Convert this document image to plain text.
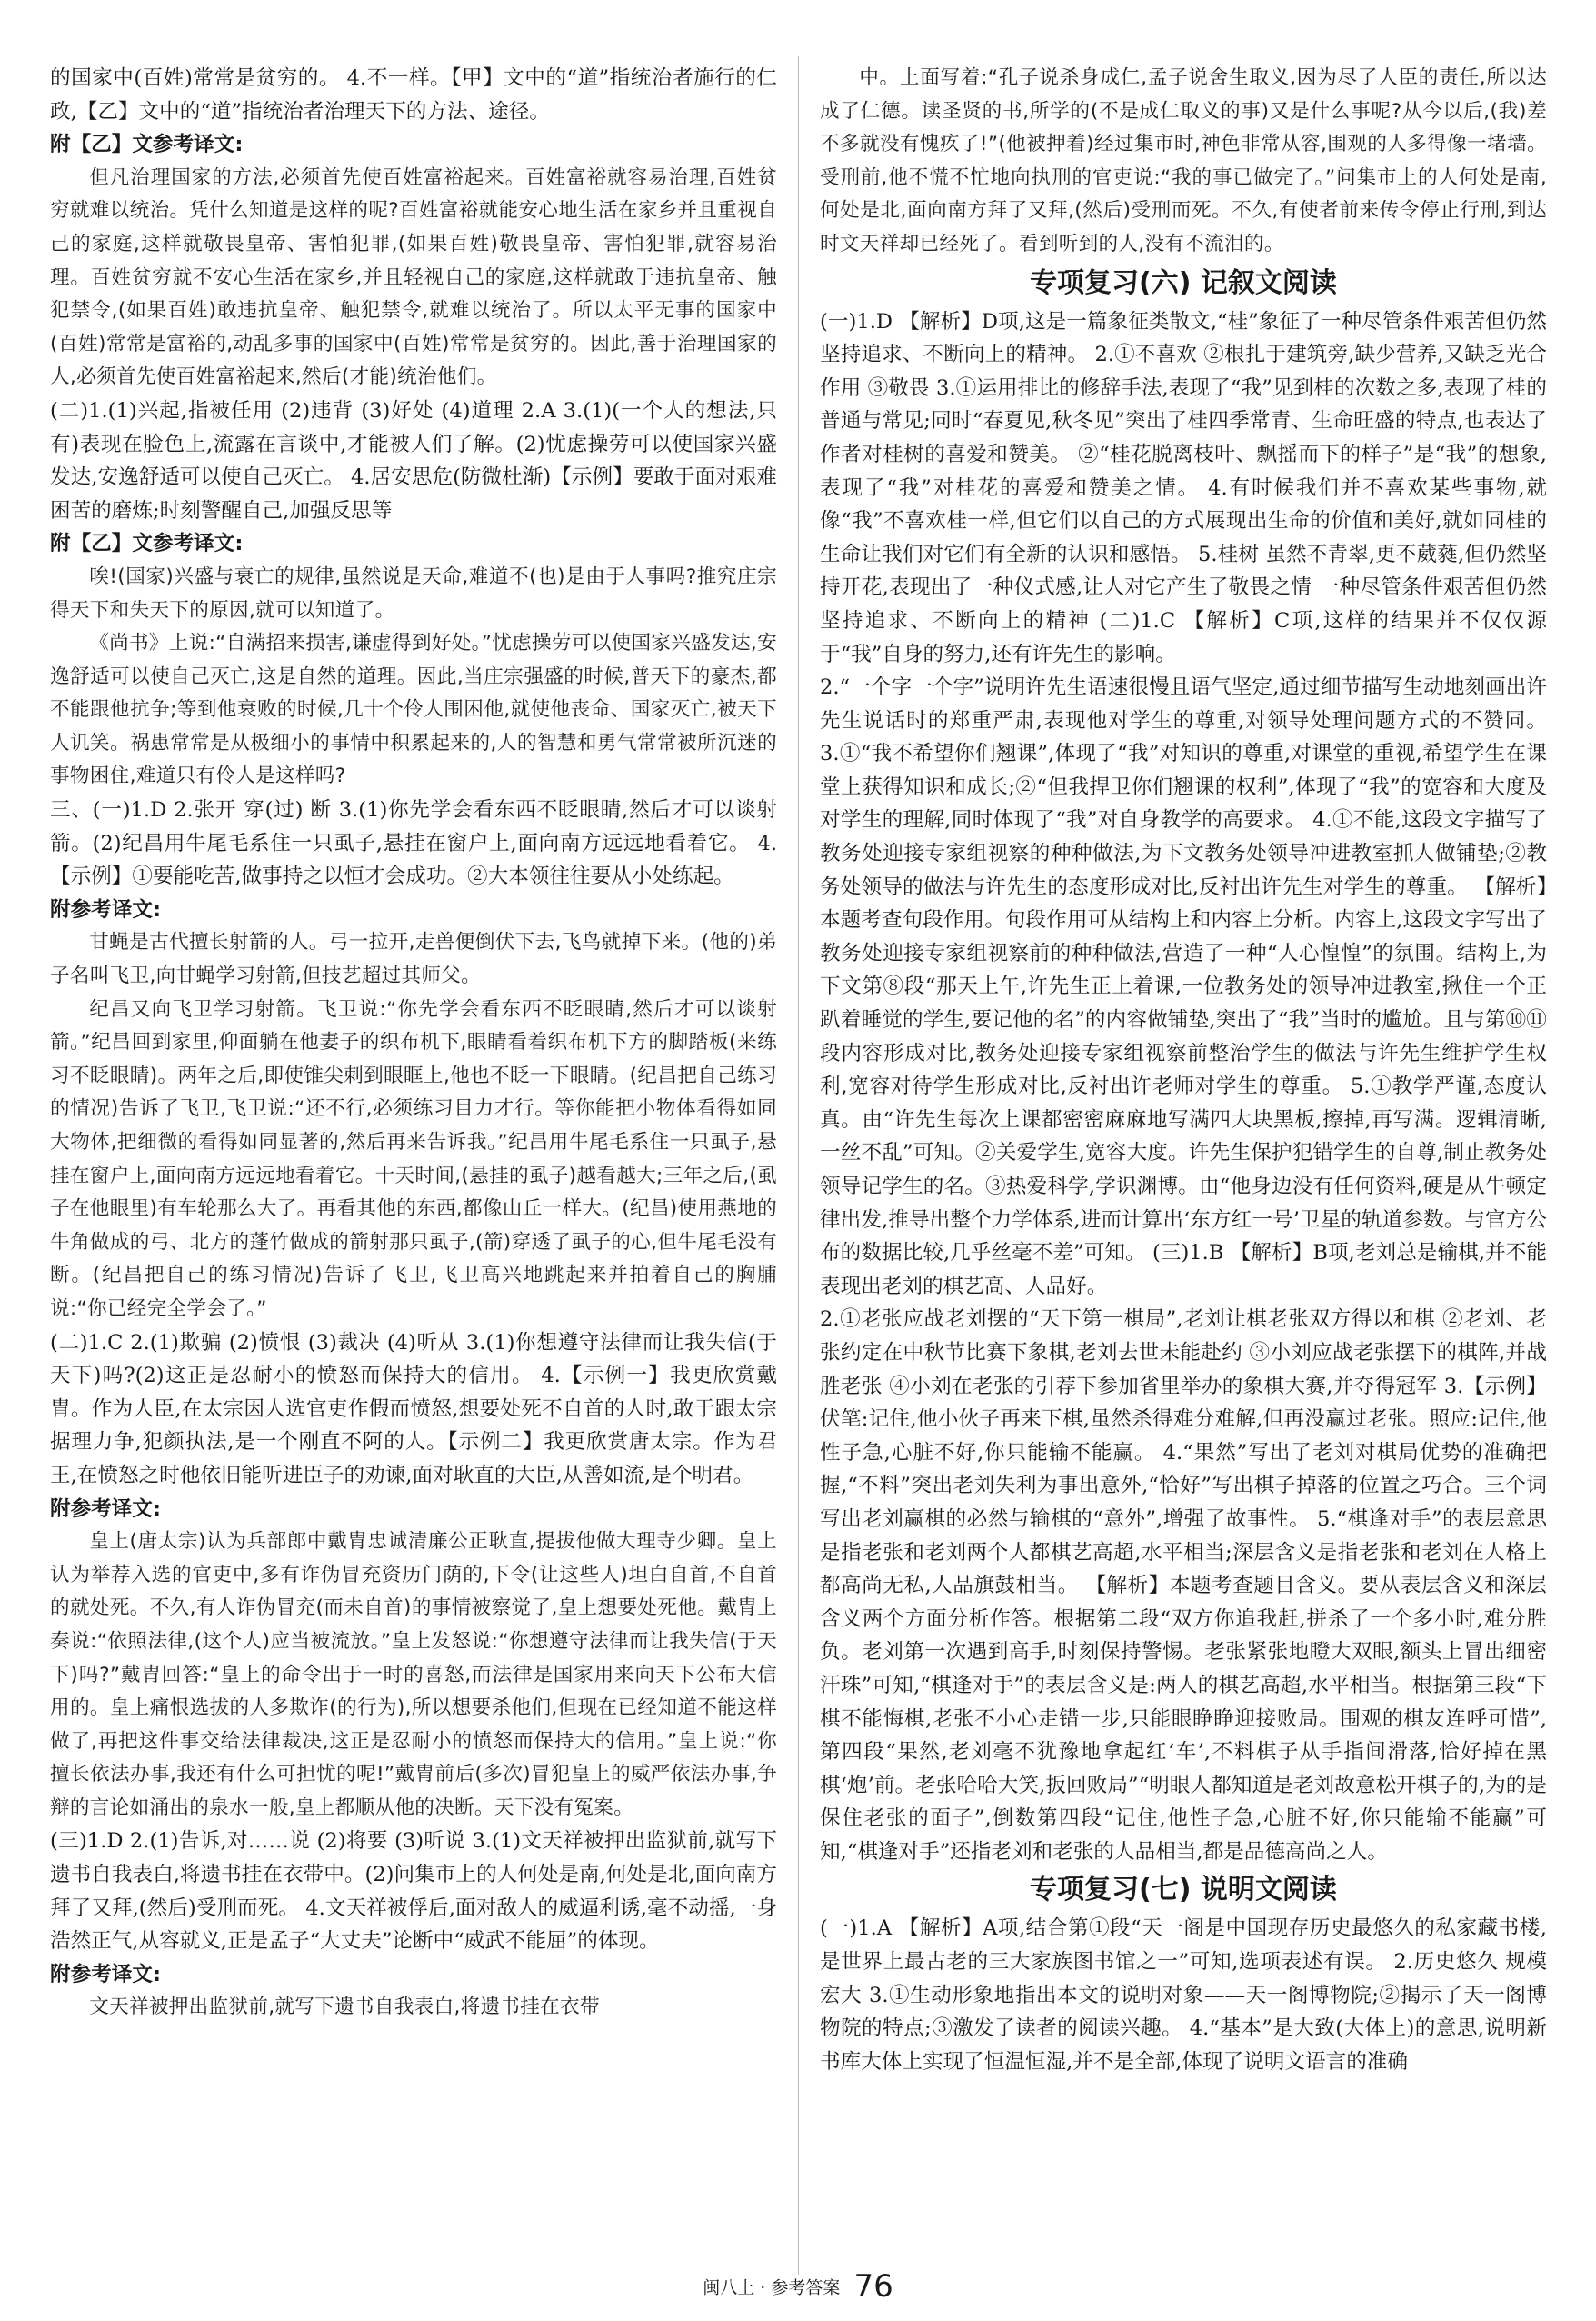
的国家中(百姓)常常是贫穷的。 4.不一样。【甲】文中的“道”指统治者施行的仁政,【乙】文中的“道”指统治者治理天下的方法、途径。

附【乙】文参考译文:

但凡治理国家的方法,必须首先使百姓富裕起来。百姓富裕就容易治理,百姓贫穷就难以统治。凭什么知道是这样的呢?百姓富裕就能安心地生活在家乡并且重视自己的家庭,这样就敬畏皇帝、害怕犯罪,(如果百姓)敬畏皇帝、害怕犯罪,就容易治理。百姓贫穷就不安心生活在家乡,并且轻视自己的家庭,这样就敢于违抗皇帝、触犯禁令,(如果百姓)敢违抗皇帝、触犯禁令,就难以统治了。所以太平无事的国家中(百姓)常常是富裕的,动乱多事的国家中(百姓)常常是贫穷的。因此,善于治理国家的人,必须首先使百姓富裕起来,然后(才能)统治他们。

(二)1.(1)兴起,指被任用 (2)违背 (3)好处 (4)道理 2.A 3.(1)(一个人的想法,只有)表现在脸色上,流露在言谈中,才能被人们了解。(2)忧虑操劳可以使国家兴盛发达,安逸舒适可以使自己灭亡。 4.居安思危(防微杜渐)【示例】要敢于面对艰难困苦的磨炼;时刻警醒自己,加强反思等

附【乙】文参考译文:

唉!(国家)兴盛与衰亡的规律,虽然说是天命,难道不(也)是由于人事吗?推究庄宗得天下和失天下的原因,就可以知道了。

《尚书》上说:“自满招来损害,谦虚得到好处。”忧虑操劳可以使国家兴盛发达,安逸舒适可以使自己灭亡,这是自然的道理。因此,当庄宗强盛的时候,普天下的豪杰,都不能跟他抗争;等到他衰败的时候,几十个伶人围困他,就使他丧命、国家灭亡,被天下人讥笑。祸患常常是从极细小的事情中积累起来的,人的智慧和勇气常常被所沉迷的事物困住,难道只有伶人是这样吗?

三、(一)1.D 2.张开 穿(过) 断 3.(1)你先学会看东西不眨眼睛,然后才可以谈射箭。(2)纪昌用牛尾毛系住一只虱子,悬挂在窗户上,面向南方远远地看着它。 4.【示例】①要能吃苦,做事持之以恒才会成功。②大本领往往要从小处练起。

附参考译文:

甘蝇是古代擅长射箭的人。弓一拉开,走兽便倒伏下去,飞鸟就掉下来。(他的)弟子名叫飞卫,向甘蝇学习射箭,但技艺超过其师父。

纪昌又向飞卫学习射箭。飞卫说:“你先学会看东西不眨眼睛,然后才可以谈射箭。”纪昌回到家里,仰面躺在他妻子的织布机下,眼睛看着织布机下方的脚踏板(来练习不眨眼睛)。两年之后,即使锥尖刺到眼眶上,他也不眨一下眼睛。(纪昌把自己练习的情况)告诉了飞卫,飞卫说:“还不行,必须练习目力才行。等你能把小物体看得如同大物体,把细微的看得如同显著的,然后再来告诉我。”纪昌用牛尾毛系住一只虱子,悬挂在窗户上,面向南方远远地看着它。十天时间,(悬挂的虱子)越看越大;三年之后,(虱子在他眼里)有车轮那么大了。再看其他的东西,都像山丘一样大。(纪昌)使用燕地的牛角做成的弓、北方的蓬竹做成的箭射那只虱子,(箭)穿透了虱子的心,但牛尾毛没有断。(纪昌把自己的练习情况)告诉了飞卫,飞卫高兴地跳起来并拍着自己的胸脯说:“你已经完全学会了。”

(二)1.C 2.(1)欺骗 (2)愤恨 (3)裁决 (4)听从 3.(1)你想遵守法律而让我失信(于天下)吗?(2)这正是忍耐小的愤怒而保持大的信用。 4.【示例一】我更欣赏戴胄。作为人臣,在太宗因人选官吏作假而愤怒,想要处死不自首的人时,敢于跟太宗据理力争,犯颜执法,是一个刚直不阿的人。【示例二】我更欣赏唐太宗。作为君王,在愤怒之时他依旧能听进臣子的劝谏,面对耿直的大臣,从善如流,是个明君。

附参考译文:

皇上(唐太宗)认为兵部郎中戴胄忠诚清廉公正耿直,提拔他做大理寺少卿。皇上认为举荐入选的官吏中,多有诈伪冒充资历门荫的,下令(让这些人)坦白自首,不自首的就处死。不久,有人诈伪冒充(而未自首)的事情被察觉了,皇上想要处死他。戴胄上奏说:“依照法律,(这个人)应当被流放。”皇上发怒说:“你想遵守法律而让我失信(于天下)吗?”戴胄回答:“皇上的命令出于一时的喜怒,而法律是国家用来向天下公布大信用的。皇上痛恨选拔的人多欺诈(的行为),所以想要杀他们,但现在已经知道不能这样做了,再把这件事交给法律裁决,这正是忍耐小的愤怒而保持大的信用。”皇上说:“你擅长依法办事,我还有什么可担忧的呢!”戴胄前后(多次)冒犯皇上的威严依法办事,争辩的言论如涌出的泉水一般,皇上都顺从他的决断。天下没有冤案。

(三)1.D 2.(1)告诉,对……说 (2)将要 (3)听说 3.(1)文天祥被押出监狱前,就写下遗书自我表白,将遗书挂在衣带中。(2)问集市上的人何处是南,何处是北,面向南方拜了又拜,(然后)受刑而死。 4.文天祥被俘后,面对敌人的威逼利诱,毫不动摇,一身浩然正气,从容就义,正是孟子“大丈夫”论断中“威武不能屈”的体现。

附参考译文:

文天祥被押出监狱前,就写下遗书自我表白,将遗书挂在衣带

中。上面写着:“孔子说杀身成仁,孟子说舍生取义,因为尽了人臣的责任,所以达成了仁德。读圣贤的书,所学的(不是成仁取义的事)又是什么事呢?从今以后,(我)差不多就没有愧疚了!”(他被押着)经过集市时,神色非常从容,围观的人多得像一堵墙。受刑前,他不慌不忙地向执刑的官吏说:“我的事已做完了。”问集市上的人何处是南,何处是北,面向南方拜了又拜,(然后)受刑而死。不久,有使者前来传令停止行刑,到达时文天祥却已经死了。看到听到的人,没有不流泪的。

专项复习(六) 记叙文阅读

(一)1.D 【解析】D项,这是一篇象征类散文,“桂”象征了一种尽管条件艰苦但仍然坚持追求、不断向上的精神。 2.①不喜欢 ②根扎于建筑旁,缺少营养,又缺乏光合作用 ③敬畏 3.①运用排比的修辞手法,表现了“我”见到桂的次数之多,表现了桂的普通与常见;同时“春夏见,秋冬见”突出了桂四季常青、生命旺盛的特点,也表达了作者对桂树的喜爱和赞美。 ②“桂花脱离枝叶、飘摇而下的样子”是“我”的想象,表现了“我”对桂花的喜爱和赞美之情。 4.有时候我们并不喜欢某些事物,就像“我”不喜欢桂一样,但它们以自己的方式展现出生命的价值和美好,就如同桂的生命让我们对它们有全新的认识和感悟。 5.桂树 虽然不青翠,更不葳蕤,但仍然坚持开花,表现出了一种仪式感,让人对它产生了敬畏之情 一种尽管条件艰苦但仍然坚持追求、不断向上的精神 (二)1.C 【解析】C项,这样的结果并不仅仅源于“我”自身的努力,还有许先生的影响。

2.“一个字一个字”说明许先生语速很慢且语气坚定,通过细节描写生动地刻画出许先生说话时的郑重严肃,表现他对学生的尊重,对领导处理问题方式的不赞同。 3.①“我不希望你们翘课”,体现了“我”对知识的尊重,对课堂的重视,希望学生在课堂上获得知识和成长;②“但我捍卫你们翘课的权利”,体现了“我”的宽容和大度及对学生的理解,同时体现了“我”对自身教学的高要求。 4.①不能,这段文字描写了教务处迎接专家组视察的种种做法,为下文教务处领导冲进教室抓人做铺垫;②教务处领导的做法与许先生的态度形成对比,反衬出许先生对学生的尊重。 【解析】本题考查句段作用。句段作用可从结构上和内容上分析。内容上,这段文字写出了教务处迎接专家组视察前的种种做法,营造了一种“人心惶惶”的氛围。结构上,为下文第⑧段“那天上午,许先生正上着课,一位教务处的领导冲进教室,揪住一个正趴着睡觉的学生,要记他的名”的内容做铺垫,突出了“我”当时的尴尬。且与第⑩⑪段内容形成对比,教务处迎接专家组视察前整治学生的做法与许先生维护学生权利,宽容对待学生形成对比,反衬出许老师对学生的尊重。 5.①教学严谨,态度认真。由“许先生每次上课都密密麻麻地写满四大块黑板,擦掉,再写满。逻辑清晰,一丝不乱”可知。②关爱学生,宽容大度。许先生保护犯错学生的自尊,制止教务处领导记学生的名。③热爱科学,学识渊博。由“他身边没有任何资料,硬是从牛顿定律出发,推导出整个力学体系,进而计算出‘东方红一号’卫星的轨道参数。与官方公布的数据比较,几乎丝毫不差”可知。 (三)1.B 【解析】B项,老刘总是输棋,并不能表现出老刘的棋艺高、人品好。

2.①老张应战老刘摆的“天下第一棋局”,老刘让棋老张双方得以和棋 ②老刘、老张约定在中秋节比赛下象棋,老刘去世未能赴约 ③小刘应战老张摆下的棋阵,并战胜老张 ④小刘在老张的引荐下参加省里举办的象棋大赛,并夺得冠军 3.【示例】伏笔:记住,他小伙子再来下棋,虽然杀得难分难解,但再没赢过老张。照应:记住,他性子急,心脏不好,你只能输不能赢。 4.“果然”写出了老刘对棋局优势的准确把握,“不料”突出老刘失利为事出意外,“恰好”写出棋子掉落的位置之巧合。三个词写出老刘赢棋的必然与输棋的“意外”,增强了故事性。 5.“棋逢对手”的表层意思是指老张和老刘两个人都棋艺高超,水平相当;深层含义是指老张和老刘在人格上都高尚无私,人品旗鼓相当。 【解析】本题考查题目含义。要从表层含义和深层含义两个方面分析作答。根据第二段“双方你追我赶,拼杀了一个多小时,难分胜负。老刘第一次遇到高手,时刻保持警惕。老张紧张地瞪大双眼,额头上冒出细密汗珠”可知,“棋逢对手”的表层含义是:两人的棋艺高超,水平相当。根据第三段“下棋不能悔棋,老张不小心走错一步,只能眼睁睁迎接败局。围观的棋友连呼可惜”,第四段“果然,老刘毫不犹豫地拿起红‘车’,不料棋子从手指间滑落,恰好掉在黑棋‘炮’前。老张哈哈大笑,扳回败局”“明眼人都知道是老刘故意松开棋子的,为的是保住老张的面子”,倒数第四段“记住,他性子急,心脏不好,你只能输不能赢”可知,“棋逢对手”还指老刘和老张的人品相当,都是品德高尚之人。

专项复习(七) 说明文阅读

(一)1.A 【解析】A项,结合第①段“天一阁是中国现存历史最悠久的私家藏书楼,是世界上最古老的三大家族图书馆之一”可知,选项表述有误。 2.历史悠久 规模宏大 3.①生动形象地指出本文的说明对象——天一阁博物院;②揭示了天一阁博物院的特点;③激发了读者的阅读兴趣。 4.“基本”是大致(大体上)的意思,说明新书库大体上实现了恒温恒湿,并不是全部,体现了说明文语言的准确

闽八上 · 参考答案 76
